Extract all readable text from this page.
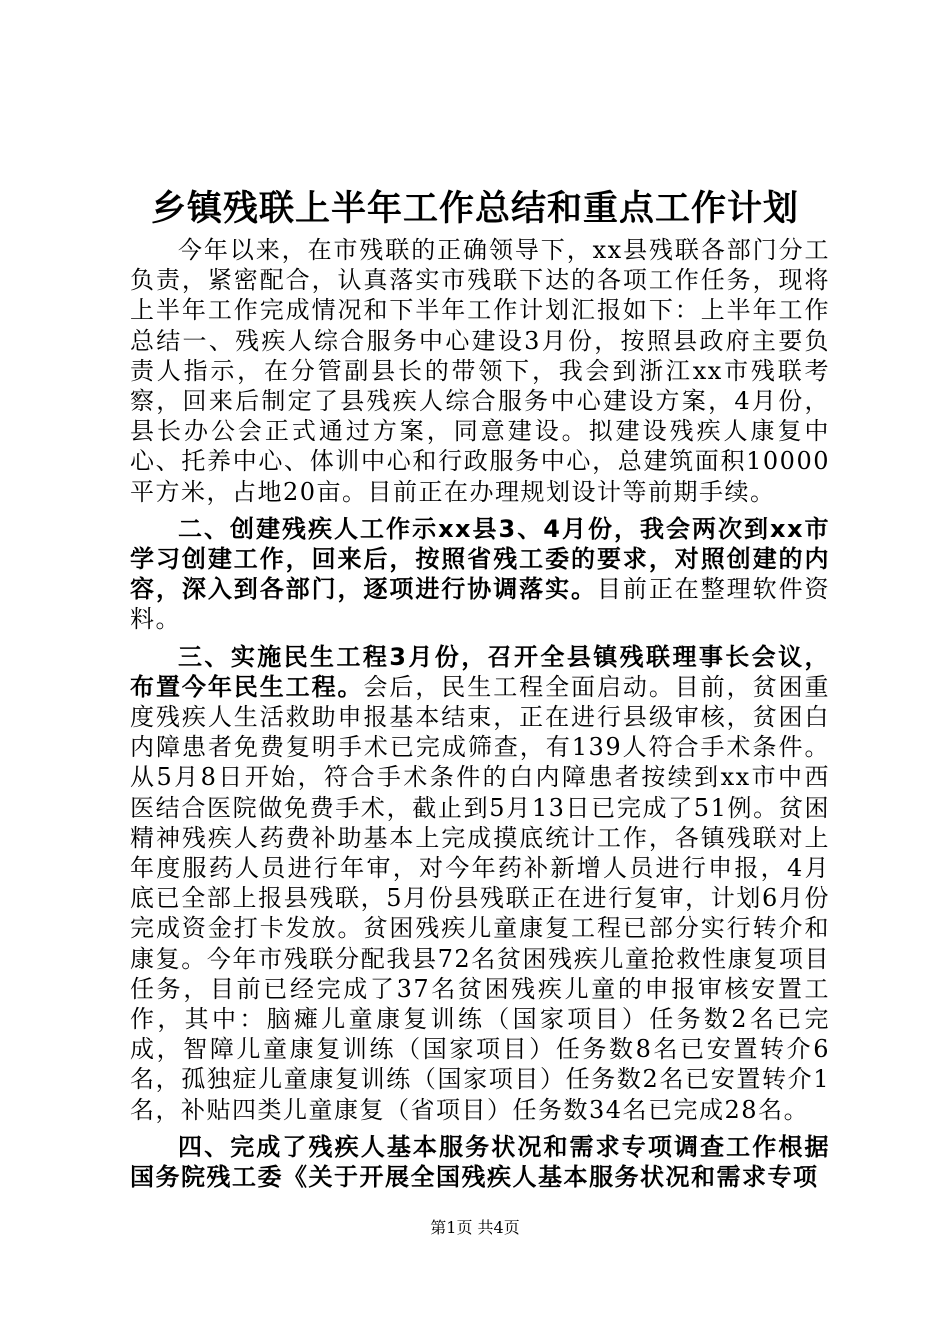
乡镇残联上半年工作总结和重点工作计划

今年以来，在市残联的正确领导下，xx县残联各部门分工负责，紧密配合，认真落实市残联下达的各项工作任务，现将上半年工作完成情况和下半年工作计划汇报如下：上半年工作总结一、残疾人综合服务中心建设3月份，按照县政府主要负责人指示，在分管副县长的带领下，我会到浙江xx市残联考察，回来后制定了县残疾人综合服务中心建设方案，4月份，县长办公会正式通过方案，同意建设。拟建设残疾人康复中心、托养中心、体训中心和行政服务中心，总建筑面积10000平方米，占地20亩。目前正在办理规划设计等前期手续。

二、创建残疾人工作示xx县3、4月份，我会两次到xx市学习创建工作，回来后，按照省残工委的要求，对照创建的内容，深入到各部门，逐项进行协调落实。目前正在整理软件资料。

三、实施民生工程3月份，召开全县镇残联理事长会议，布置今年民生工程。会后，民生工程全面启动。目前，贫困重度残疾人生活救助申报基本结束，正在进行县级审核，贫困白内障患者免费复明手术已完成筛查，有139人符合手术条件。从5月8日开始，符合手术条件的白内障患者按续到xx市中西医结合医院做免费手术，截止到5月13日已完成了51例。贫困精神残疾人药费补助基本上完成摸底统计工作，各镇残联对上年度服药人员进行年审，对今年药补新增人员进行申报，4月底已全部上报县残联，5月份县残联正在进行复审，计划6月份完成资金打卡发放。贫困残疾儿童康复工程已部分实行转介和康复。今年市残联分配我县72名贫困残疾儿童抢救性康复项目任务，目前已经完成了37名贫困残疾儿童的申报审核安置工作，其中：脑瘫儿童康复训练（国家项目）任务数2名已完成，智障儿童康复训练（国家项目）任务数8名已安置转介6名，孤独症儿童康复训练（国家项目）任务数2名已安置转介1名，补贴四类儿童康复（省项目）任务数34名已完成28名。

四、完成了残疾人基本服务状况和需求专项调查工作根据国务院残工委《关于开展全国残疾人基本服务状况和需求专项

第1页 共4页
